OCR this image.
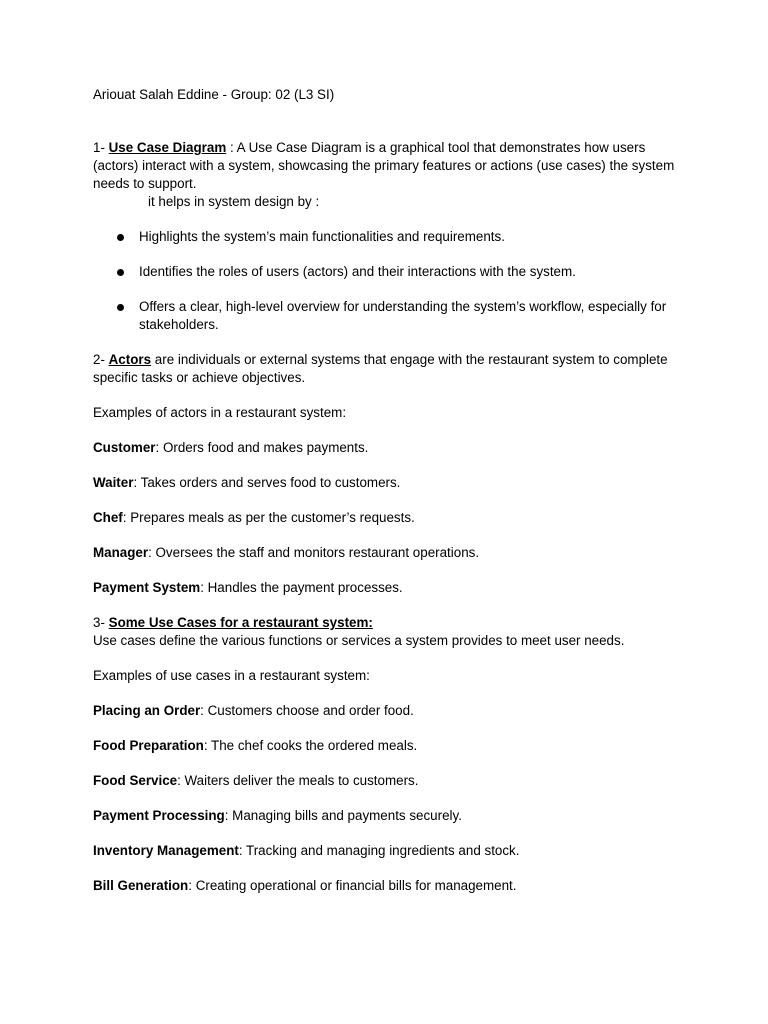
Ariouat Salah Eddine - Group: 02 (L3 SI)

1- Use Case Diagram : A Use Case Diagram is a graphical tool that demonstrates how users (actors) interact with a system, showcasing the primary features or actions (use cases) the system needs to support.

it helps in system design by :

Highlights the system’s main functionalities and requirements.
Identifies the roles of users (actors) and their interactions with the system.
Offers a clear, high-level overview for understanding the system’s workflow, especially for stakeholders.

2- Actors are individuals or external systems that engage with the restaurant system to complete specific tasks or achieve objectives.

Examples of actors in a restaurant system:

Customer: Orders food and makes payments.

Waiter: Takes orders and serves food to customers.

Chef: Prepares meals as per the customer’s requests.

Manager: Oversees the staff and monitors restaurant operations.

Payment System: Handles the payment processes.

3- Some Use Cases for a restaurant system:

Use cases define the various functions or services a system provides to meet user needs.

Examples of use cases in a restaurant system:

Placing an Order: Customers choose and order food.

Food Preparation: The chef cooks the ordered meals.

Food Service: Waiters deliver the meals to customers.

Payment Processing: Managing bills and payments securely.

Inventory Management: Tracking and managing ingredients and stock.

Bill Generation: Creating operational or financial bills for management.
